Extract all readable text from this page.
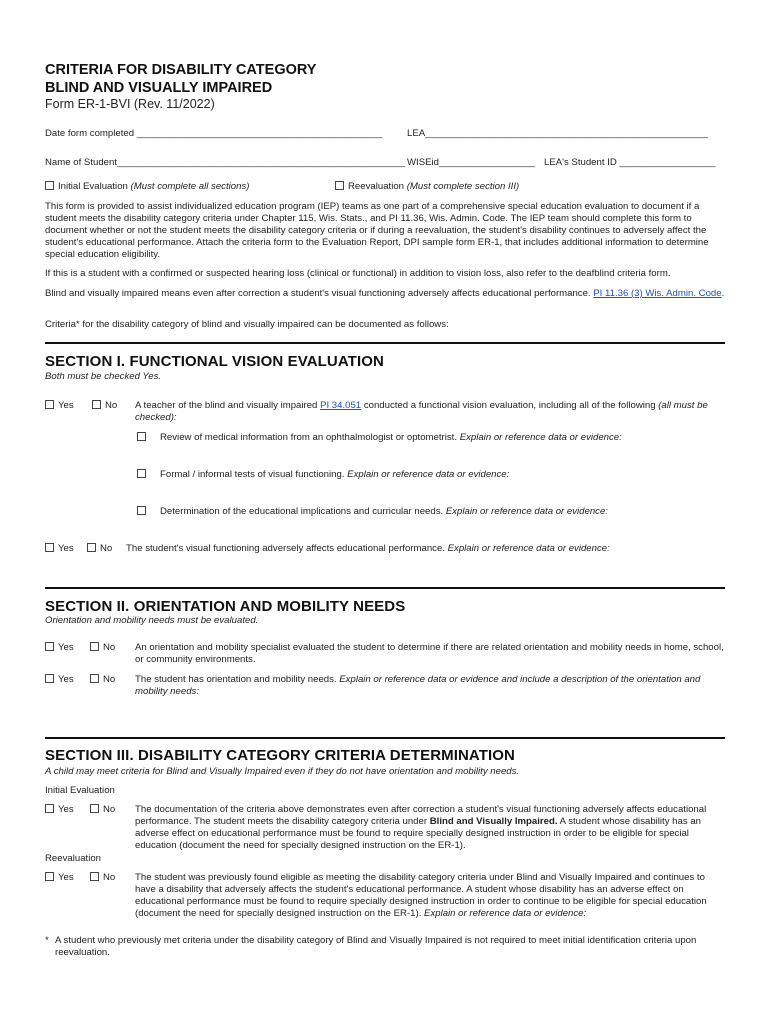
CRITERIA FOR DISABILITY CATEGORY
BLIND AND VISUALLY IMPAIRED
Form ER-1-BVI (Rev. 11/2022)
Date form completed ______________________________________________	LEA_____________________________________________________
Name of Student______________________________________________________ WISEid__________________ LEA's Student ID __________________
Initial Evaluation (Must complete all sections)	Reevaluation (Must complete section III)
This form is provided to assist individualized education program (IEP) teams as one part of a comprehensive special education evaluation to document if a student meets the disability category criteria under Chapter 115, Wis. Stats., and PI 11.36, Wis. Admin. Code. The IEP team should complete this form to document whether or not the student meets the disability category criteria or if during a reevaluation, the student's disability continues to adversely affect the student's educational performance. Attach the criteria form to the Evaluation Report, DPI sample form ER-1, that includes additional information to determine special education eligibility.
If this is a student with a confirmed or suspected hearing loss (clinical or functional) in addition to vision loss, also refer to the deafblind criteria form.
Blind and visually impaired means even after correction a student's visual functioning adversely affects educational performance. PI 11.36 (3) Wis. Admin. Code.
Criteria* for the disability category of blind and visually impaired can be documented as follows:
SECTION I. FUNCTIONAL VISION EVALUATION
Both must be checked Yes.
Yes	No A teacher of the blind and visually impaired PI 34.051 conducted a functional vision evaluation, including all of the following (all must be checked):
Review of medical information from an ophthalmologist or optometrist. Explain or reference data or evidence:
Formal / informal tests of visual functioning. Explain or reference data or evidence:
Determination of the educational implications and curricular needs. Explain or reference data or evidence:
Yes	No The student's visual functioning adversely affects educational performance. Explain or reference data or evidence:
SECTION II. ORIENTATION AND MOBILITY NEEDS
Orientation and mobility needs must be evaluated.
Yes	No An orientation and mobility specialist evaluated the student to determine if there are related orientation and mobility needs in home, school, or community environments.
Yes	No The student has orientation and mobility needs. Explain or reference data or evidence and include a description of the orientation and mobility needs:
SECTION III. DISABILITY CATEGORY CRITERIA DETERMINATION
A child may meet criteria for Blind and Visually Impaired even if they do not have orientation and mobility needs.
Initial Evaluation
Yes	No The documentation of the criteria above demonstrates even after correction a student's visual functioning adversely affects educational performance. The student meets the disability category criteria under Blind and Visually Impaired. A student whose disability has an adverse effect on educational performance must be found to require specially designed instruction in order to be eligible for special education (document the need for specially designed instruction on the ER-1).
Reevaluation
Yes	No The student was previously found eligible as meeting the disability category criteria under Blind and Visually Impaired and continues to have a disability that adversely affects the student's educational performance. A student whose disability has an adverse effect on educational performance must be found to require specially designed instruction in order to continue to be eligible for special education (document the need for specially designed instruction on the ER-1). Explain or reference data or evidence:
* A student who previously met criteria under the disability category of Blind and Visually Impaired is not required to meet initial identification criteria upon reevaluation.
